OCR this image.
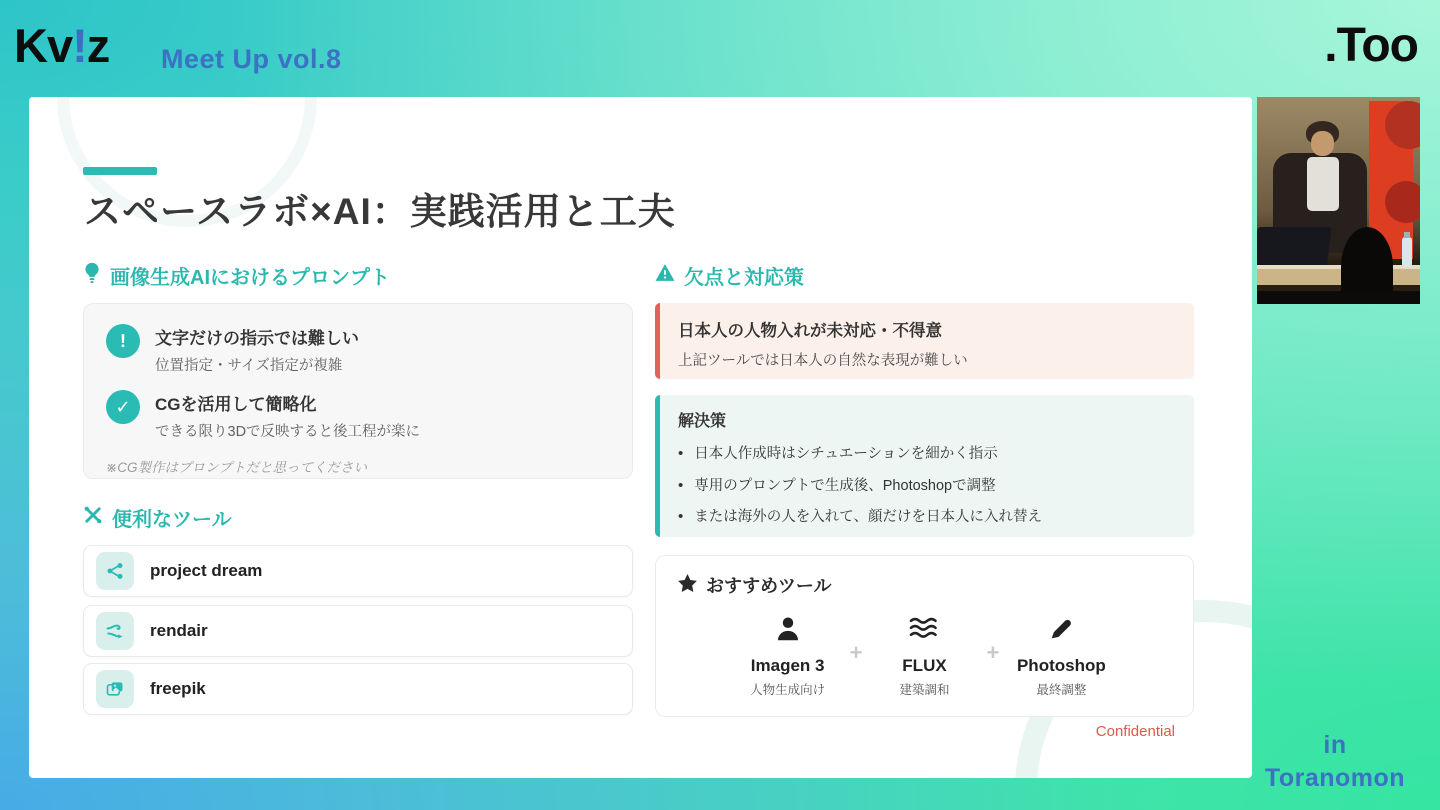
Kv!z Meet Up vol.8	.Too
スペースラボ×AI：実践活用と工夫
画像生成AIにおけるプロンプト
!	文字だけの指示では難しい

位置指定・サイズ指定が複雑

✓	CGを活用して簡略化

できる限り3Dで反映すると後工程が楽に

※CG製作はプロンプトだと思ってください
便利なツール
project dream
rendair
freepik
欠点と対応策
日本人の人物入れが未対応・不得意

上記ツールでは日本人の自然な表現が難しい

解決策
• 日本人作成時はシチュエーションを細かく指示
• 専用のプロンプトで生成後、Photoshopで調整
• または海外の人を入れて、顔だけを日本人に入れ替え
おすすめツール
Imagen 3
人物生成向け
+
FLUX
建築調和
+
Photoshop
最終調整
Confidential	in
Toranomon
